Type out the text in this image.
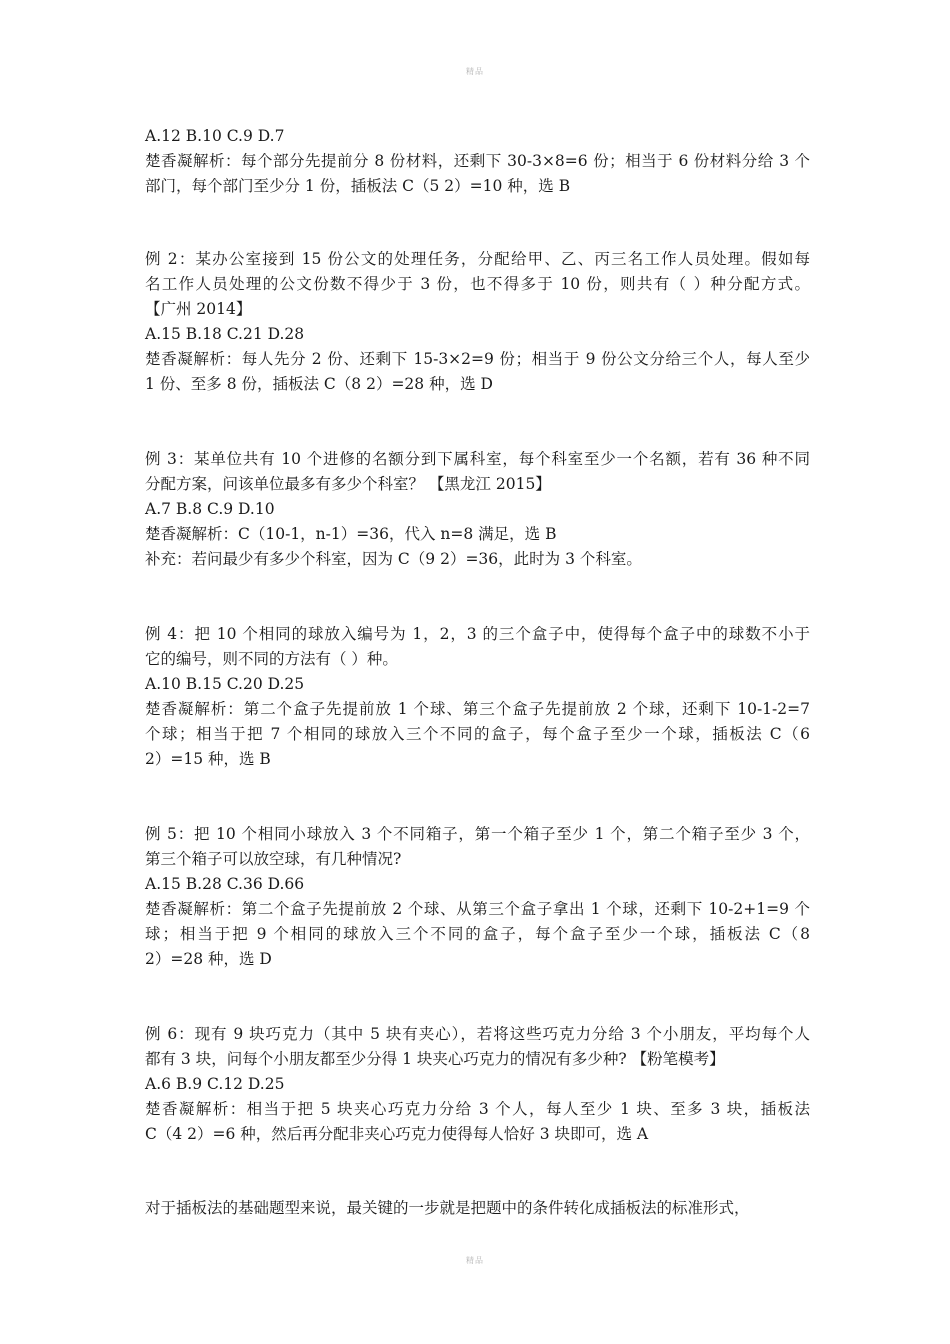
精品
A.12 B.10 C.9 D.7
楚香凝解析：每个部分先提前分 8 份材料，还剩下 30-3×8=6 份；相当于 6 份材料分给 3 个
部门，每个部门至少分 1 份，插板法 C（5 2）=10 种，选 B
例 2：某办公室接到 15 份公文的处理任务，分配给甲、乙、丙三名工作人员处理。假如每
名工作人员处理的公文份数不得少于 3 份，也不得多于 10 份，则共有（ ）种分配方式。
【广州 2014】
A.15 B.18 C.21 D.28
楚香凝解析：每人先分 2 份、还剩下 15-3×2=9 份；相当于 9 份公文分给三个人，每人至少
1 份、至多 8 份，插板法 C（8 2）=28 种，选 D
例 3：某单位共有 10 个进修的名额分到下属科室，每个科室至少一个名额，若有 36 种不同
分配方案，问该单位最多有多少个科室？ 【黑龙江 2015】
A.7 B.8 C.9 D.10
楚香凝解析：C（10-1，n-1）=36，代入 n=8 满足，选 B
补充：若问最少有多少个科室，因为 C（9 2）=36，此时为 3 个科室。
例 4：把 10 个相同的球放入编号为 1，2，3 的三个盒子中，使得每个盒子中的球数不小于
它的编号，则不同的方法有（ ）种。
A.10 B.15 C.20 D.25
楚香凝解析：第二个盒子先提前放 1 个球、第三个盒子先提前放 2 个球，还剩下 10-1-2=7
个球；相当于把 7 个相同的球放入三个不同的盒子，每个盒子至少一个球，插板法 C（6
2）=15 种，选 B
例 5：把 10 个相同小球放入 3 个不同箱子，第一个箱子至少 1 个，第二个箱子至少 3 个，
第三个箱子可以放空球，有几种情况?
A.15 B.28 C.36 D.66
楚香凝解析：第二个盒子先提前放 2 个球、从第三个盒子拿出 1 个球，还剩下 10-2+1=9 个
球；相当于把 9 个相同的球放入三个不同的盒子，每个盒子至少一个球，插板法 C（8
2）=28 种，选 D
例 6：现有 9 块巧克力（其中 5 块有夹心），若将这些巧克力分给 3 个小朋友，平均每个人
都有 3 块，问每个小朋友都至少分得 1 块夹心巧克力的情况有多少种? 【粉笔模考】
A.6 B.9 C.12 D.25
楚香凝解析：相当于把 5 块夹心巧克力分给 3 个人，每人至少 1 块、至多 3 块，插板法
C（4 2）=6 种，然后再分配非夹心巧克力使得每人恰好 3 块即可，选 A
对于插板法的基础题型来说，最关键的一步就是把题中的条件转化成插板法的标准形式，
精品
